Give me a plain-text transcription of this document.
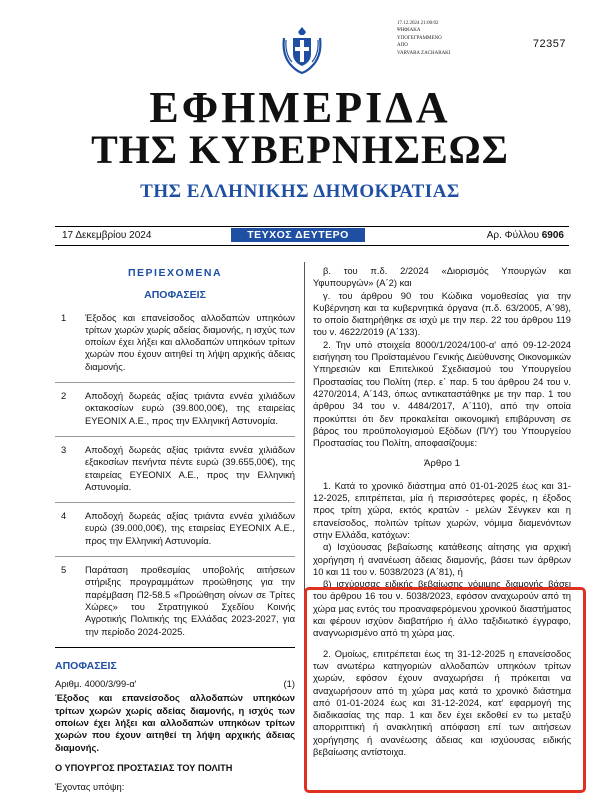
17.12.2024 21:00:02
ΨΗΦΙΑΚΑ
ΥΠΟΓΕΓΡΑΜΜΕΝΟ
ΑΠΟ
VARVARA ZACHARAKI
72357
ΕΦΗΜΕΡΙΔΑ
ΤΗΣ ΚΥΒΕΡΝΗΣΕΩΣ
ΤΗΣ ΕΛΛΗΝΙΚΗΣ ΔΗΜΟΚΡΑΤΙΑΣ
17 Δεκεμβρίου 2024	ΤΕΥΧΟΣ ΔΕΥΤΕΡΟ	Αρ. Φύλλου 6906
ΠΕΡΙΕΧΟΜΕΝΑ
ΑΠΟΦΑΣΕΙΣ
1	Έξοδος και επανείσοδος αλλοδαπών υπηκόων τρίτων χωρών χωρίς αδείας διαμονής, η ισχύς των οποίων έχει λήξει και αλλοδαπών υπηκόων τρίτων χωρών που έχουν αιτηθεί τη λήψη αρχικής άδειας διαμονής.
2	Αποδοχή δωρεάς αξίας τριάντα εννέα χιλιάδων οκτακοσίων ευρώ (39.800,00€), της εταιρείας ΕΥΕΟΝΙΧ Α.Ε., προς την Ελληνική Αστυνομία.
3	Αποδοχή δωρεάς αξίας τριάντα εννέα χιλιάδων εξακοσίων πενήντα πέντε ευρώ (39.655,00€), της εταιρείας ΕΥΕΟΝΙΧ Α.Ε., προς την Ελληνική Αστυνομία.
4	Αποδοχή δωρεάς αξίας τριάντα εννέα χιλιάδων ευρώ (39.000,00€), της εταιρείας ΕΥΕΟΝΙΧ Α.Ε., προς την Ελληνική Αστυνομία.
5	Παράταση προθεσμίας υποβολής αιτήσεων στήριξης προγραμμάτων προώθησης για την παρέμβαση Π2-58.5 «Προώθηση οίνων σε Τρίτες Χώρες» του Στρατηγικού Σχεδίου Κοινής Αγροτικής Πολιτικής της Ελλάδας 2023-2027, για την περίοδο 2024-2025.
ΑΠΟΦΑΣΕΙΣ
Αριθμ. 4000/3/99-α'	(1)

Έξοδος και επανείσοδος αλλοδαπών υπηκόων τρίτων χωρών χωρίς αδείας διαμονής, η ισχύς των οποίων έχει λήξει και αλλοδαπών υπηκόων τρίτων χωρών που έχουν αιτηθεί τη λήψη αρχικής άδειας διαμονής.

Ο ΥΠΟΥΡΓΟΣ ΠΡΟΣΤΑΣΙΑΣ ΤΟΥ ΠΟΛΙΤΗ

Έχοντας υπόψη:

β. του π.δ. 2/2024 «Διορισμός Υπουργών και Υφυπουργών» (Α΄2) και

γ. του άρθρου 90 του Κώδικα νομοθεσίας για την Κυβέρνηση και τα κυβερνητικά όργανα (π.δ. 63/2005, Α΄98), το οποίο διατηρήθηκε σε ισχύ με την περ. 22 του άρθρου 119 του ν. 4622/2019 (Α΄133).

2. Την υπό στοιχεία 8000/1/2024/100-α' από 09-12-2024 εισήγηση του Προϊσταμένου Γενικής Διεύθυνσης Οικονομικών Υπηρεσιών και Επιτελικού Σχεδιασμού του Υπουργείου Προστασίας του Πολίτη (περ. ε΄ παρ. 5 του άρθρου 24 του ν. 4270/2014, Α΄143, όπως αντικαταστάθηκε με την παρ. 1 του άρθρου 34 του ν. 4484/2017, Α΄110), από την οποία προκύπτει ότι δεν προκαλείται οικονομική επιβάρυνση σε βάρος του προϋπολογισμού Εξόδων (Π/Υ) του Υπουργείου Προστασίας του Πολίτη, αποφασίζουμε:

Άρθρο 1

1. Κατά το χρονικό διάστημα από 01-01-2025 έως και 31-12-2025, επιτρέπεται, μία ή περισσότερες φορές, η έξοδος προς τρίτη χώρα, εκτός κρατών - μελών Σένγκεν και η επανείσοδος, πολιτών τρίτων χωρών, νόμιμα διαμενόντων στην Ελλάδα, κατόχων:

α) Ισχύουσας βεβαίωσης κατάθεσης αίτησης για αρχική χορήγηση ή ανανέωση άδειας διαμονής, βάσει των άρθρων 10 και 11 του ν. 5038/2023 (Α΄81), ή

β) ισχύουσας ειδικής βεβαίωσης νόμιμης διαμονής βάσει του άρθρου 16 του ν. 5038/2023, εφόσον αναχωρούν από τη χώρα μας εντός του προαναφερόμενου χρονικού διαστήματος και φέρουν ισχύον διαβατήριο ή άλλο ταξιδιωτικό έγγραφο, αναγνωρισμένο από τη χώρα μας.

2. Ομοίως, επιτρέπεται έως τη 31-12-2025 η επανείσοδος των ανωτέρω κατηγοριών αλλοδαπών υπηκόων τρίτων χωρών, εφόσον έχουν αναχωρήσει ή πρόκειται να αναχωρήσουν από τη χώρα μας κατά το χρονικό διάστημα από 01-01-2024 έως και 31-12-2024, κατ' εφαρμογή της διαδικασίας της παρ. 1 και δεν έχει εκδοθεί εν τω μεταξύ απορριπτική ή ανακλητική απόφαση επί των αιτήσεων χορήγησης ή ανανέωσης άδειας και ισχύουσας ειδικής βεβαίωσης αντίστοιχα.
